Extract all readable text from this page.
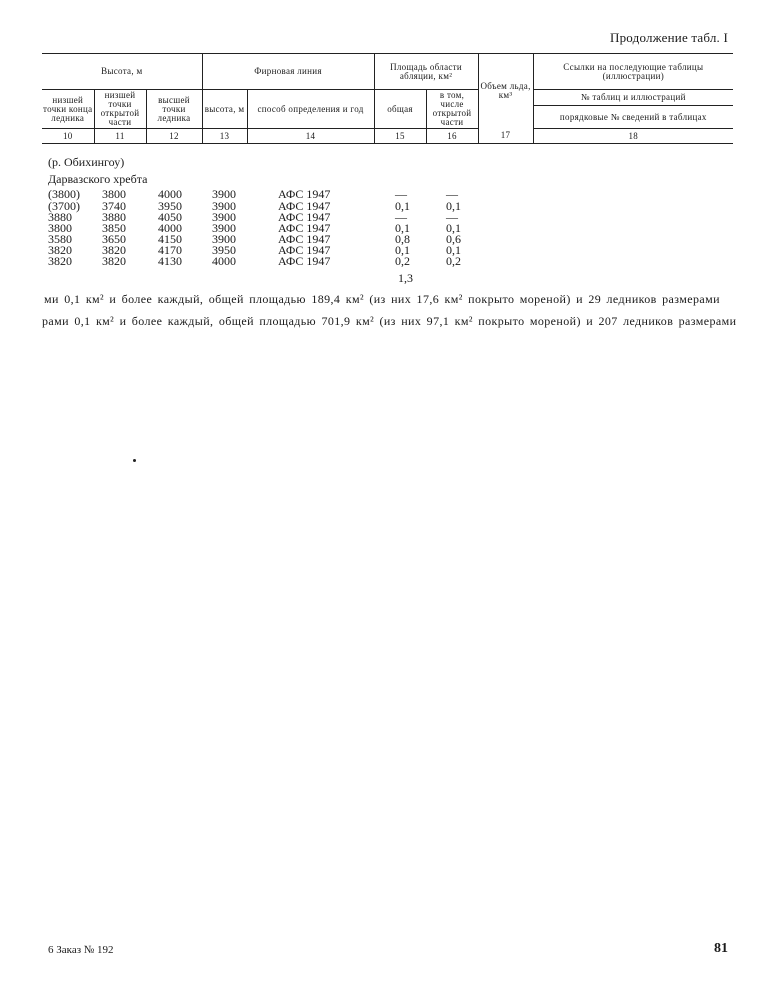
Продолжение табл. I
Высота, м			Фирновая линия		Площадь области абляции, км²		Объем льда, км³	Ссылки на последующие таблицы (иллюстрации)
низшей точки конца ледника	низшей точки открытой части	высшей точки ледника	высота, м	способ определения и год	общая	в том, числе открытой части		№ таблиц и иллюстраций
								порядковые № сведений в таблицах
10	11	12	13	14	15	16	17	18
(р. Обихингоу)
Дарвазского хребта
(3800) 3800	4000	3900	АФС 1947	—	—
(3700) 3740	3950	3900	АФС 1947	0,1	0,1
3880	3880	4050	3900	АФС 1947	—	—
3800	3850	4000	3900	АФС 1947	0,1	0,1
3580	3650	4150	3900	АФС 1947	0,8	0,6
3820	3820	4170	3950	АФС 1947	0,1	0,1
3820	3820	4130	4000	АФС 1947	0,2	0,2
1,3
ми 0,1 км² и более каждый, общей площадью 189,4 км² (из них 17,6 км² покрыто мореной) и 29 ледников размерами
рами 0,1 км² и более каждый, общей площадью 701,9 км² (из них 97,1 км² покрыто мореной) и 207 ледников размерами
6 Заказ № 192	81
